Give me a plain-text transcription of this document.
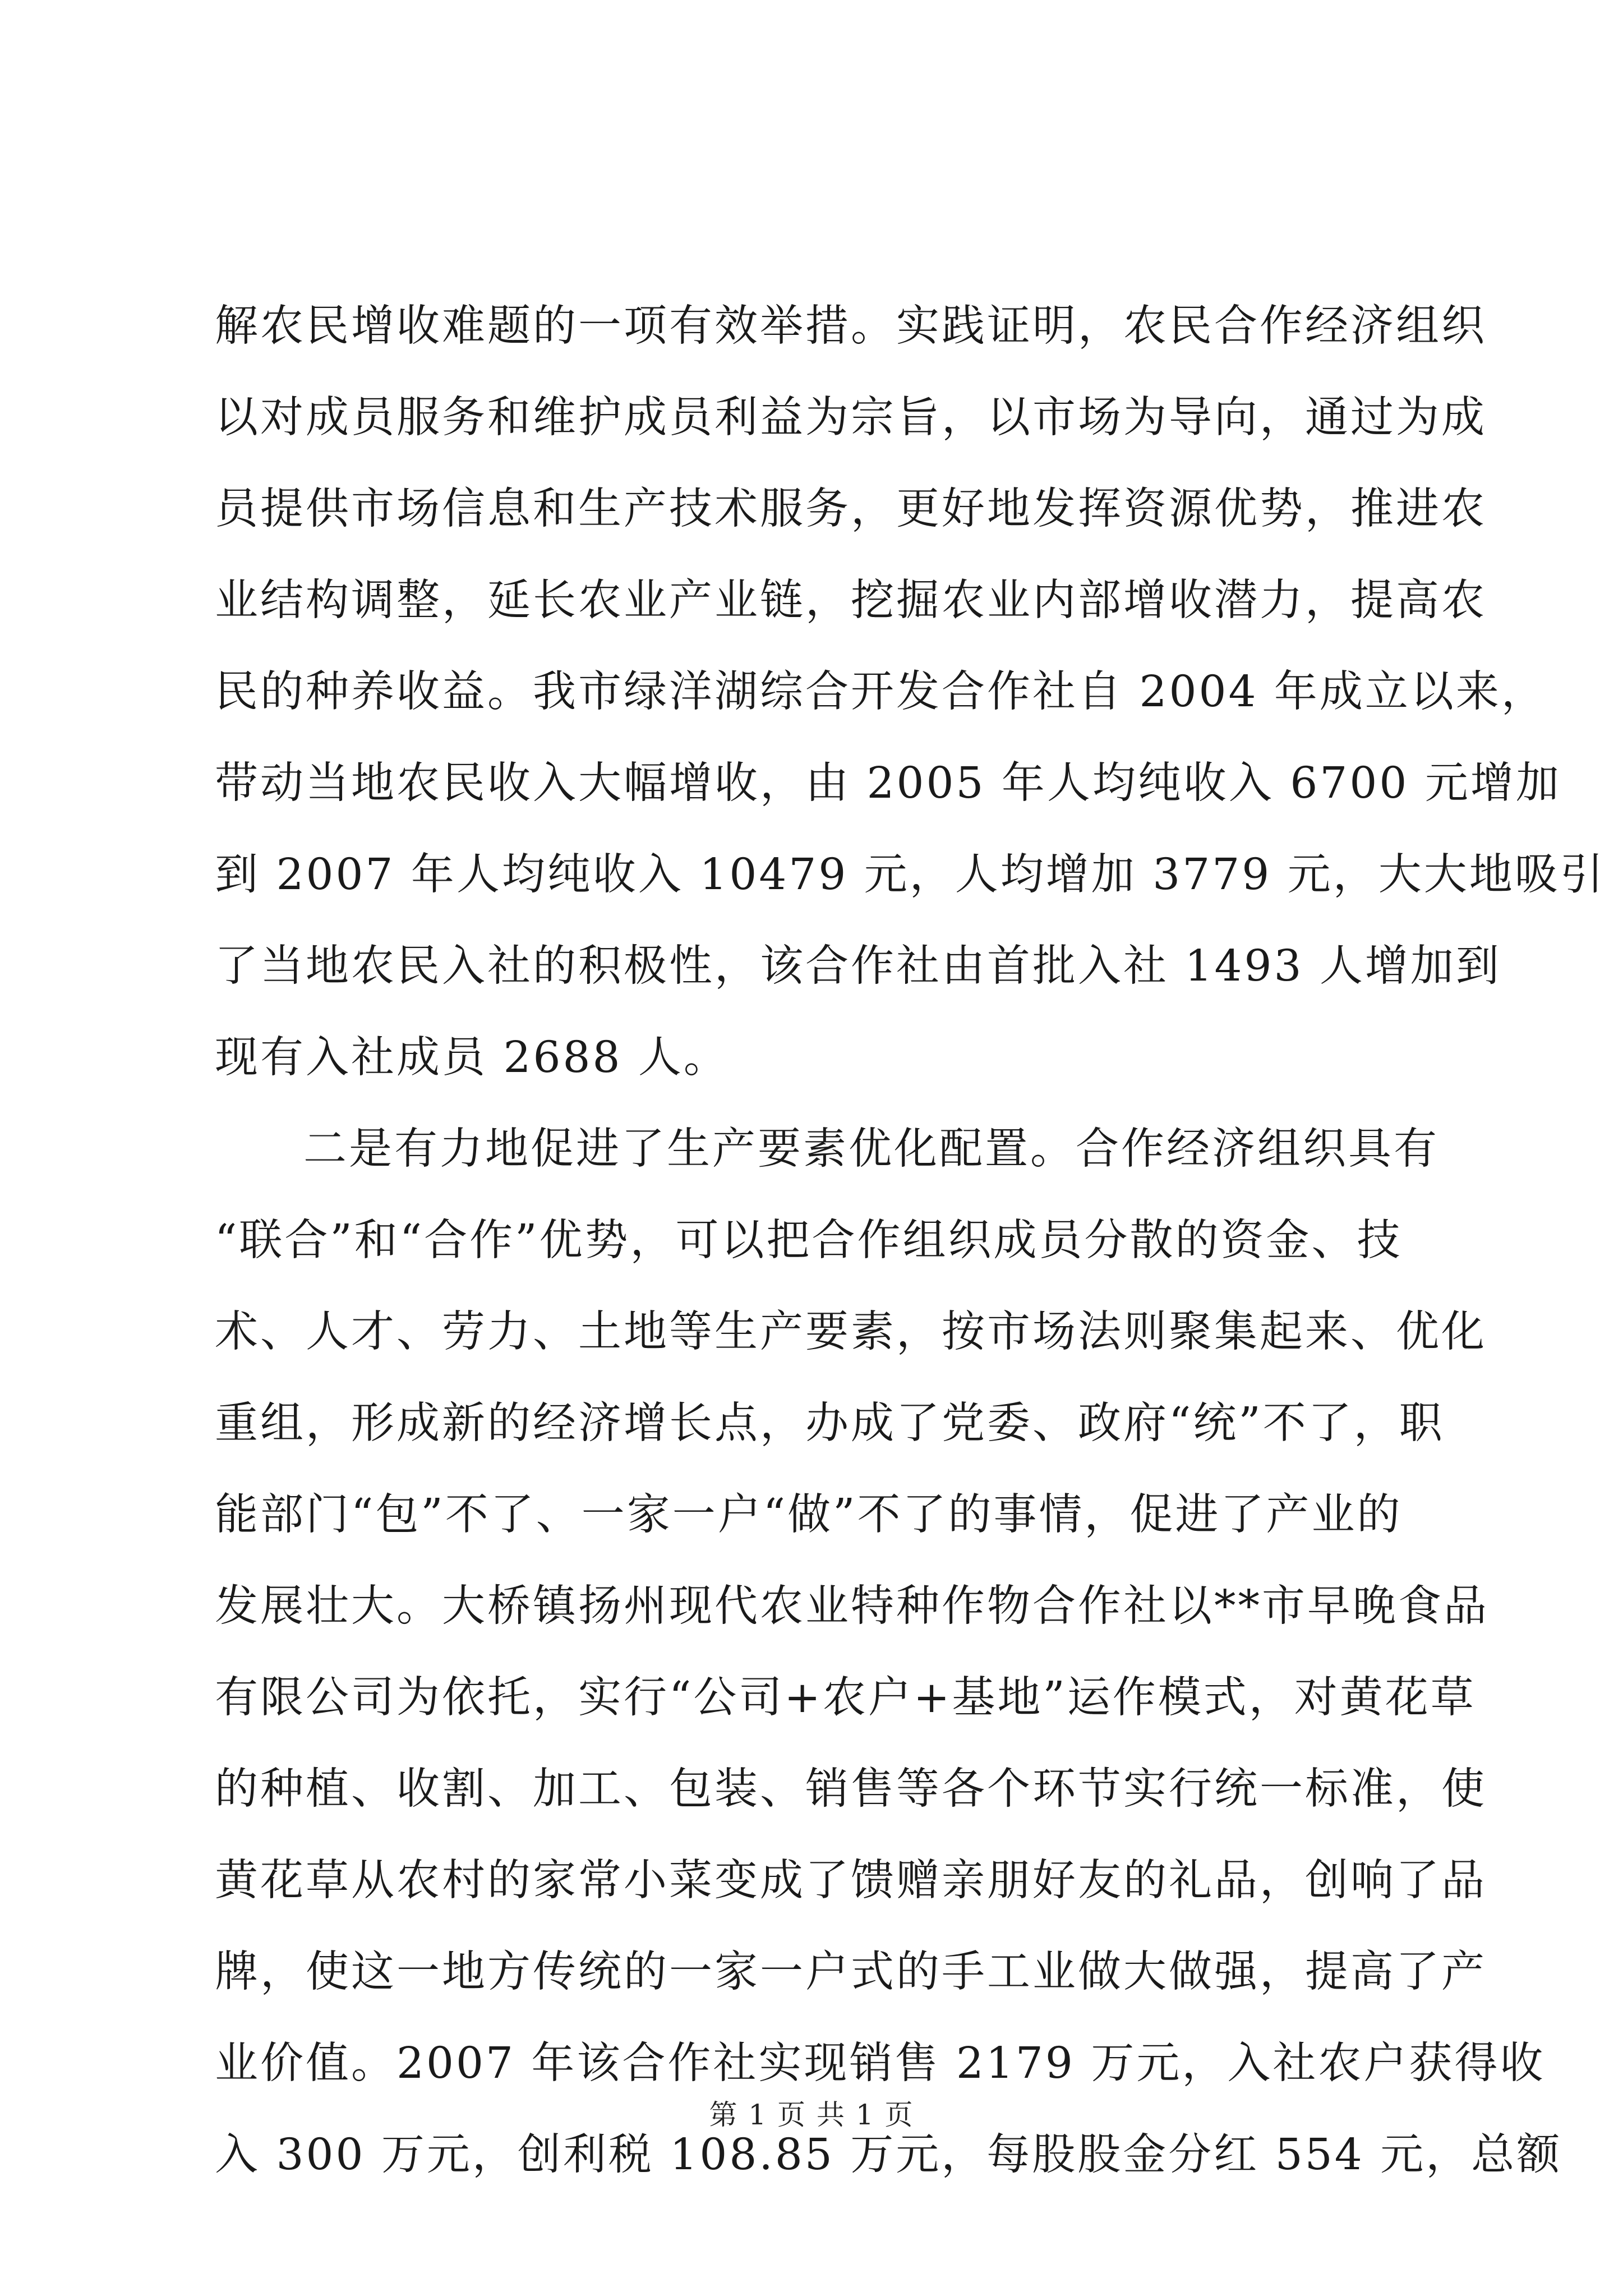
解农民增收难题的一项有效举措。实践证明，农民合作经济组织
以对成员服务和维护成员利益为宗旨，以市场为导向，通过为成
员提供市场信息和生产技术服务，更好地发挥资源优势，推进农
业结构调整，延长农业产业链，挖掘农业内部增收潜力，提高农
民的种养收益。我市绿洋湖综合开发合作社自 2004 年成立以来，
带动当地农民收入大幅增收，由 2005 年人均纯收入 6700 元增加
到 2007 年人均纯收入 10479 元，人均增加 3779 元，大大地吸引
了当地农民入社的积极性，该合作社由首批入社 1493 人增加到
现有入社成员 2688 人。
二是有力地促进了生产要素优化配置。合作经济组织具有
“联合”和“合作”优势，可以把合作组织成员分散的资金、技
术、人才、劳力、土地等生产要素，按市场法则聚集起来、优化
重组，形成新的经济增长点，办成了党委、政府“统”不了，职
能部门“包”不了、一家一户“做”不了的事情，促进了产业的
发展壮大。大桥镇扬州现代农业特种作物合作社以**市早晚食品
有限公司为依托，实行“公司+农户+基地”运作模式，对黄花草
的种植、收割、加工、包装、销售等各个环节实行统一标准，使
黄花草从农村的家常小菜变成了馈赠亲朋好友的礼品，创响了品
牌，使这一地方传统的一家一户式的手工业做大做强，提高了产
业价值。2007 年该合作社实现销售 2179 万元，入社农户获得收
入 300 万元，创利税 108.85 万元，每股股金分红 554 元，总额
第 1 页 共 1 页
